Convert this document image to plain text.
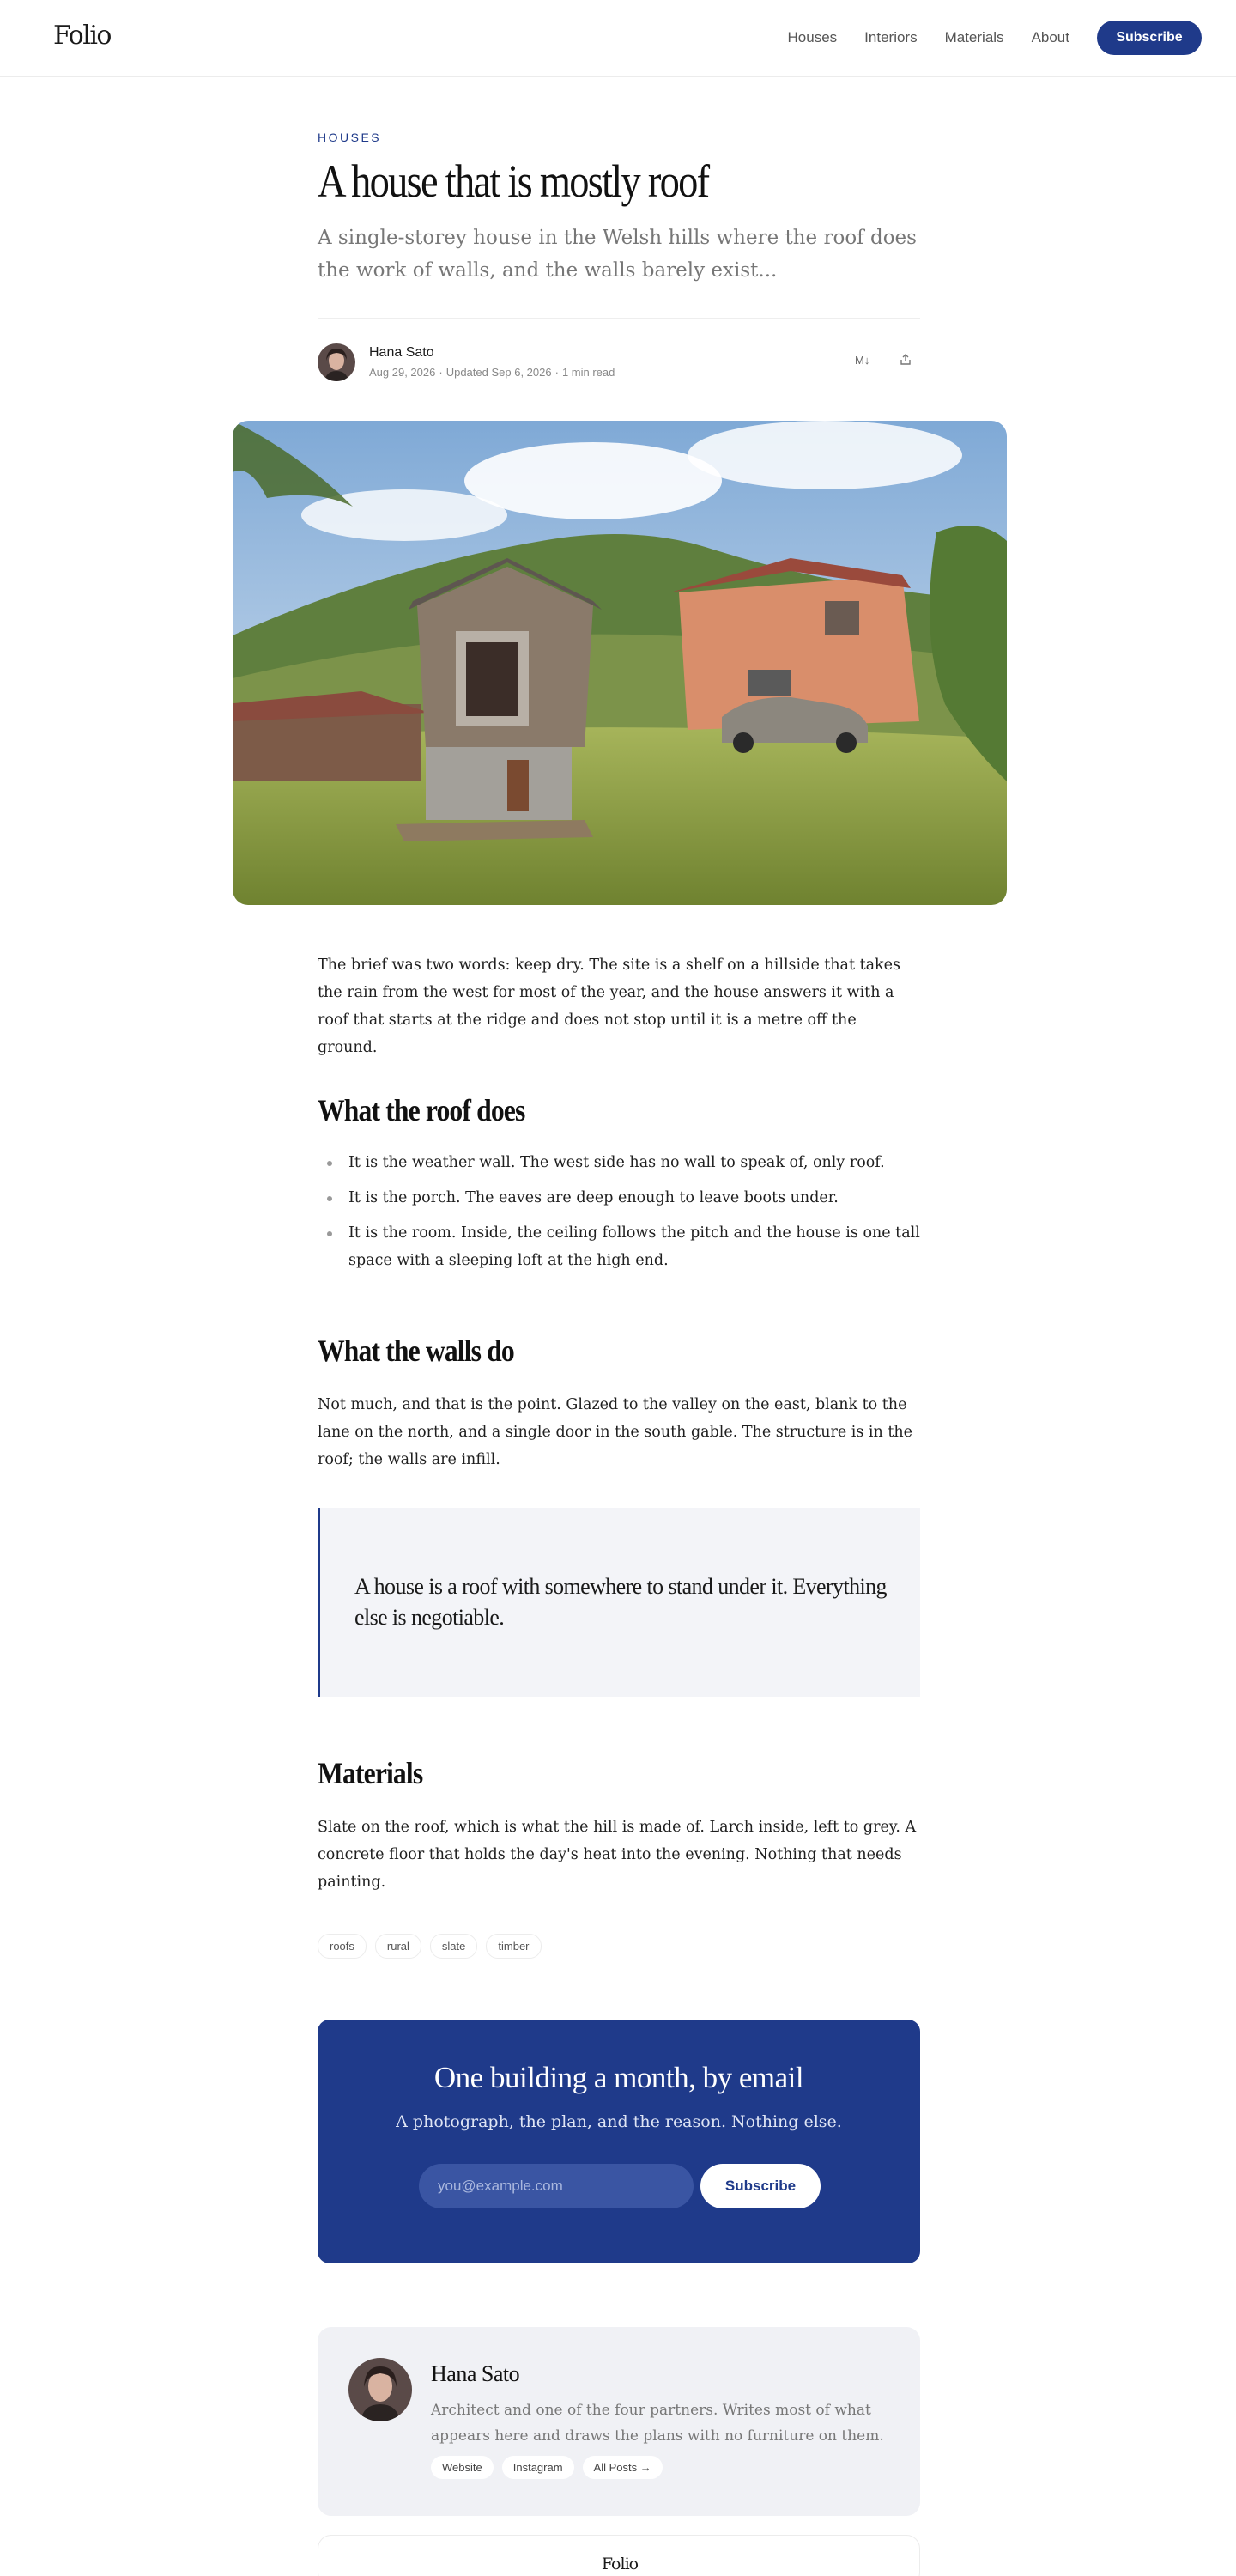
Folio	Houses Interiors Materials About	Subscribe
HOUSES
A house that is mostly roof

A single-storey house in the Welsh hills where the roof does the work of walls, and the walls barely exist...

Hana Sato
Aug 29, 2026 · Updated Sep 6, 2026 · 1 min read
M↓

The brief was two words: keep dry. The site is a shelf on a hillside that takes the rain from the west for most of the year, and the house answers it with a roof that starts at the ridge and does not stop until it is a metre off the ground.

What the roof does
It is the weather wall. The west side has no wall to speak of, only roof.
It is the porch. The eaves are deep enough to leave boots under.
It is the room. Inside, the ceiling follows the pitch and the house is one tall space with a sleeping loft at the high end.
What the walls do

Not much, and that is the point. Glazed to the valley on the east, blank to the lane on the north, and a single door in the south gable. The structure is in the roof; the walls are infill.

A house is a roof with somewhere to stand under it. Everything else is negotiable.
Materials

Slate on the roof, which is what the hill is made of. Larch inside, left to grey. A concrete floor that holds the day's heat into the evening. Nothing that needs painting.

roofs	rural	slate	timber
One building a month, by email
A photograph, the plan, and the reason. Nothing else.
you@example.com
Subscribe
Hana Sato

Architect and one of the four partners. Writes most of what appears here and draws the plans with no furniture on them.

Website	Instagram	All Posts →
Folio
